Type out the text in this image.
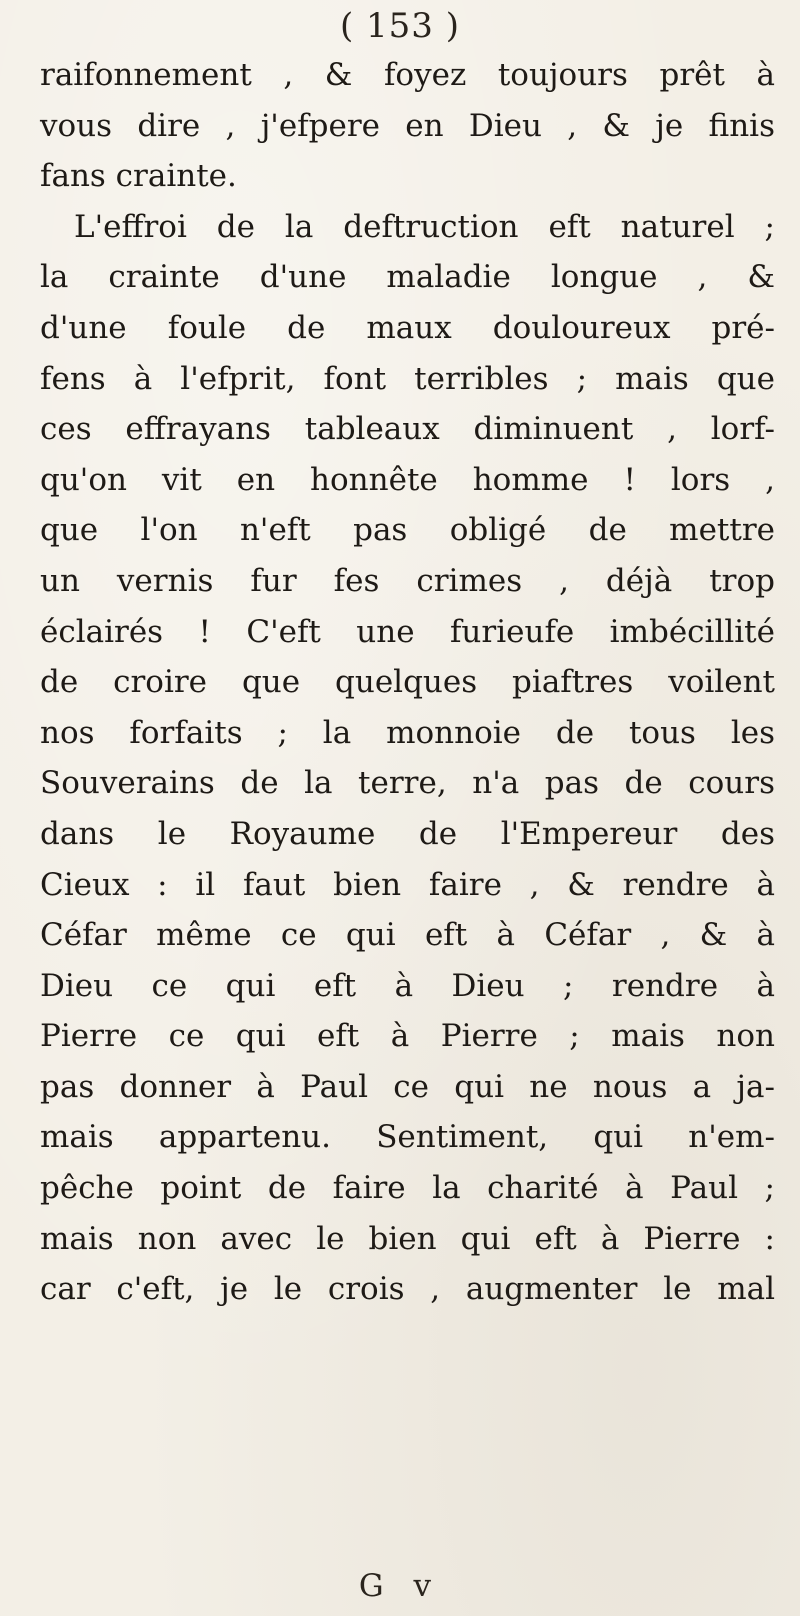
( 153 )
raifonnement , & foyez toujours prêt à
vous dire , j'efpere en Dieu , & je finis
fans crainte.
L'effroi de la deftruction eft naturel ;
la crainte d'une maladie longue , &
d'une foule de maux douloureux pré-
fens à l'efprit, font terribles ; mais que
ces effrayans tableaux diminuent , lorf-
qu'on vit en honnête homme ! lors ,
que l'on n'eft pas obligé de mettre
un vernis fur fes crimes , déjà trop
éclairés ! C'eft une furieufe imbécillité
de croire que quelques piaftres voilent
nos forfaits ; la monnoie de tous les
Souverains de la terre, n'a pas de cours
dans le Royaume de l'Empereur des
Cieux : il faut bien faire , & rendre à
Céfar même ce qui eft à Céfar , & à
Dieu ce qui eft à Dieu ; rendre à
Pierre ce qui eft à Pierre ; mais non
pas donner à Paul ce qui ne nous a ja-
mais appartenu. Sentiment, qui n'em-
pêche point de faire la charité à Paul ;
mais non avec le bien qui eft à Pierre :
car c'eft, je le crois , augmenter le mal
G v
